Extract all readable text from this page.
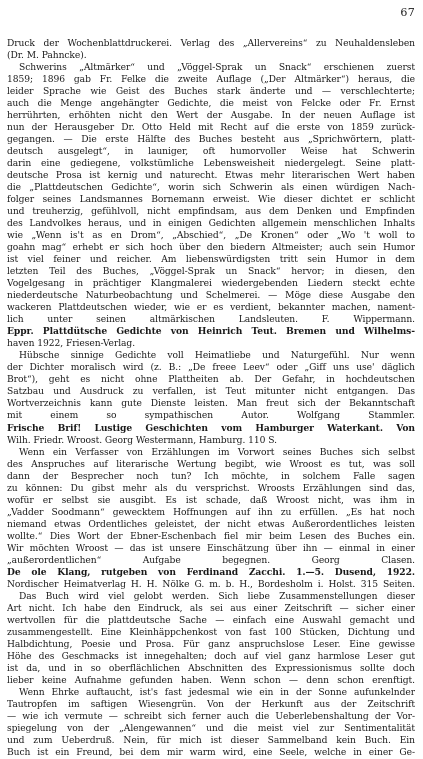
67
Druck der Wochenblattdruckerei. Verlag des „Allervereins“ zu Neuhaldensleben
(Dr. M. Pahncke).
Schwerins „Altmärker“ und „Vöggel-Sprak un Snack“ erschienen zuerst
1859; 1896 gab Fr. Felke die zweite Auflage („Der Altmärker“) heraus, die
leider Sprache wie Geist des Buches stark änderte und — verschlechterte;
auch die Menge angehängter Gedichte, die meist von Felcke oder Fr. Ernst
herrührten, erhöhten nicht den Wert der Ausgabe. In der neuen Auflage ist
nun der Herausgeber Dr. Otto Held mit Recht auf die erste von 1859 zurück-
gegangen. — Die erste Hälfte des Buches besteht aus „Sprichwörtern, platt-
deutsch ausgelegt“, in launiger, oft humorvoller Weise hat Schwerin
darin eine gediegene, volkstümliche Lebensweisheit niedergelegt. Seine platt-
deutsche Prosa ist kernig und naturecht. Etwas mehr literarischen Wert haben
die „Plattdeutschen Gedichte“, worin sich Schwerin als einen würdigen Nach-
folger seines Landsmannes Bornemann erweist. Wie dieser dichtet er schlicht
und treuherzig, gefühlvoll, nicht empfindsam, aus dem Denken und Empfinden
des Landvolkes heraus, und in einigen Gedichten allgemein menschlichen Inhalts
wie „Wenn is't as en Drom“, „Abschied“, „De Kronen“ oder „Wo 't woll to
goahn mag“ erhebt er sich hoch über den biedern Altmeister; auch sein Humor
ist viel feiner und reicher. Am liebenswürdigsten tritt sein Humor in dem
letzten Teil des Buches, „Vöggel-Sprak un Snack“ hervor; in diesen, den
Vogelgesang in prächtiger Klangmalerei wiedergebenden Liedern steckt echte
niederdeutsche Naturbeobachtung und Schelmerei. — Möge diese Ausgabe den
wackeren Plattdeutschen wieder, wie er es verdient, bekannter machen, nament-
lich unter seinen altmärkischen Landsleuten. F. Wippermann.
Eppr. Plattdütsche Gedichte von Heinrich Teut. Bremen und Wilhelms-
haven 1922, Friesen-Verlag.
Hübsche sinnige Gedichte voll Heimatliebe und Naturgefühl. Nur wenn
der Dichter moralisch wird (z. B.: „De freee Leev“ oder „Giff uns use' däglich
Brot“), geht es nicht ohne Plattheiten ab. Der Gefahr, in hochdeutschen
Satzbau und Ausdruck zu verfallen, ist Teut mitunter nicht entgangen. Das
Wortverzeichnis kann gute Dienste leisten. Man freut sich der Bekanntschaft
mit einem so sympathischen Autor. Wolfgang Stammler.
Frische Brif! Lustige Geschichten vom Hamburger Waterkant. Von
Wilh. Friedr. Wroost. Georg Westermann, Hamburg. 110 S.
Wenn ein Verfasser von Erzählungen im Vorwort seines Buches sich selbst
des Anspruches auf literarische Wertung begibt, wie Wroost es tut, was soll
dann der Besprecher noch tun? Ich möchte, in solchem Falle sagen
zu können: Du gibst mehr als du versprichst. Wroosts Erzählungen sind das,
wofür er selbst sie ausgibt. Es ist schade, daß Wroost nicht, was ihm in
„Vadder Soodmann“ gewecktem Hoffnungen auf ihn zu erfüllen. „Es hat noch
niemand etwas Ordentliches geleistet, der nicht etwas Außerordentliches leisten
wollte.“ Dies Wort der Ebner-Eschenbach fiel mir beim Lesen des Buches ein.
Wir möchten Wroost — das ist unsere Einschätzung über ihn — einmal in einer
„außerordentlichen“ Aufgabe begegnen. Georg Clasen.
De ole Klang, rutgeben von Ferdinand Zacchi. 1.—5. Dusend, 1922.
Nordischer Heimatverlag H. H. Nölke G. m. b. H., Bordesholm i. Holst. 315 Seiten.
Das Buch wird viel gelobt werden. Sich liebe Zusammenstellungen dieser
Art nicht. Ich habe den Eindruck, als sei aus einer Zeitschrift — sicher einer
wertvollen für die plattdeutsche Sache — einfach eine Auswahl gemacht und
zusammengestellt. Eine Kleinhäppchenkost von fast 100 Stücken, Dichtung und
Halbdichtung, Poesie und Prosa. Für ganz anspruchslose Leser. Eine gewisse
Höhe des Geschmacks ist innegehalten; doch auf viel ganz harmlose Leser gut
ist da, und in so oberflächlichen Abschnitten des Expressionismus sollte doch
lieber keine Aufnahme gefunden haben. Wenn schon — denn schon erenftigt.
Wenn Ehrke auftaucht, ist's fast jedesmal wie ein in der Sonne aufunkelnder
Tautropfen im saftigen Wiesengrün. Von der Herkunft aus der Zeitschrift
— wie ich vermute — schreibt sich ferner auch die Ueberlebenshaltung der Vor-
spiegelung von der „Alengewannen“ und die meist viel zur Sentimentalität
und zum Ueberdruß. Nein, für mich ist dieser Sammelband kein Buch. Ein
Buch ist ein Freund, bei dem mir warm wird, eine Seele, welche in einer Ge-
